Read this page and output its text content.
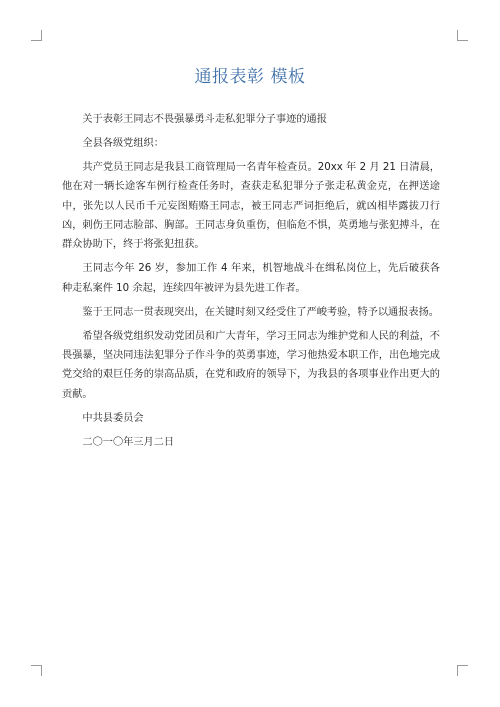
通报表彰 模板

关于表彰王同志不畏强暴勇斗走私犯罪分子事迹的通报

全县各级党组织：

共产党员王同志是我县工商管理局一名青年检查员。20xx 年 2 月 21 日清晨，他在对一辆长途客车例行检查任务时，查获走私犯罪分子张走私黄金克，在押送途中，张先以人民币千元妄图贿赂王同志，被王同志严词拒绝后，就凶相毕露拔刀行凶，刺伤王同志脸部、胸部。王同志身负重伤，但临危不惧，英勇地与张犯搏斗，在群众协助下，终于将张犯扭获。

王同志今年 26 岁，参加工作 4 年来，机智地战斗在缉私岗位上，先后破获各种走私案件 10 余起，连续四年被评为县先进工作者。

鉴于王同志一贯表现突出，在关键时刻又经受住了严峻考验，特予以通报表扬。

希望各级党组织发动党团员和广大青年，学习王同志为维护党和人民的利益，不畏强暴，坚决同违法犯罪分子作斗争的英勇事迹，学习他热爱本职工作，出色地完成党交给的艰巨任务的崇高品质，在党和政府的领导下，为我县的各项事业作出更大的贡献。

中共县委员会

二〇一〇年三月二日
